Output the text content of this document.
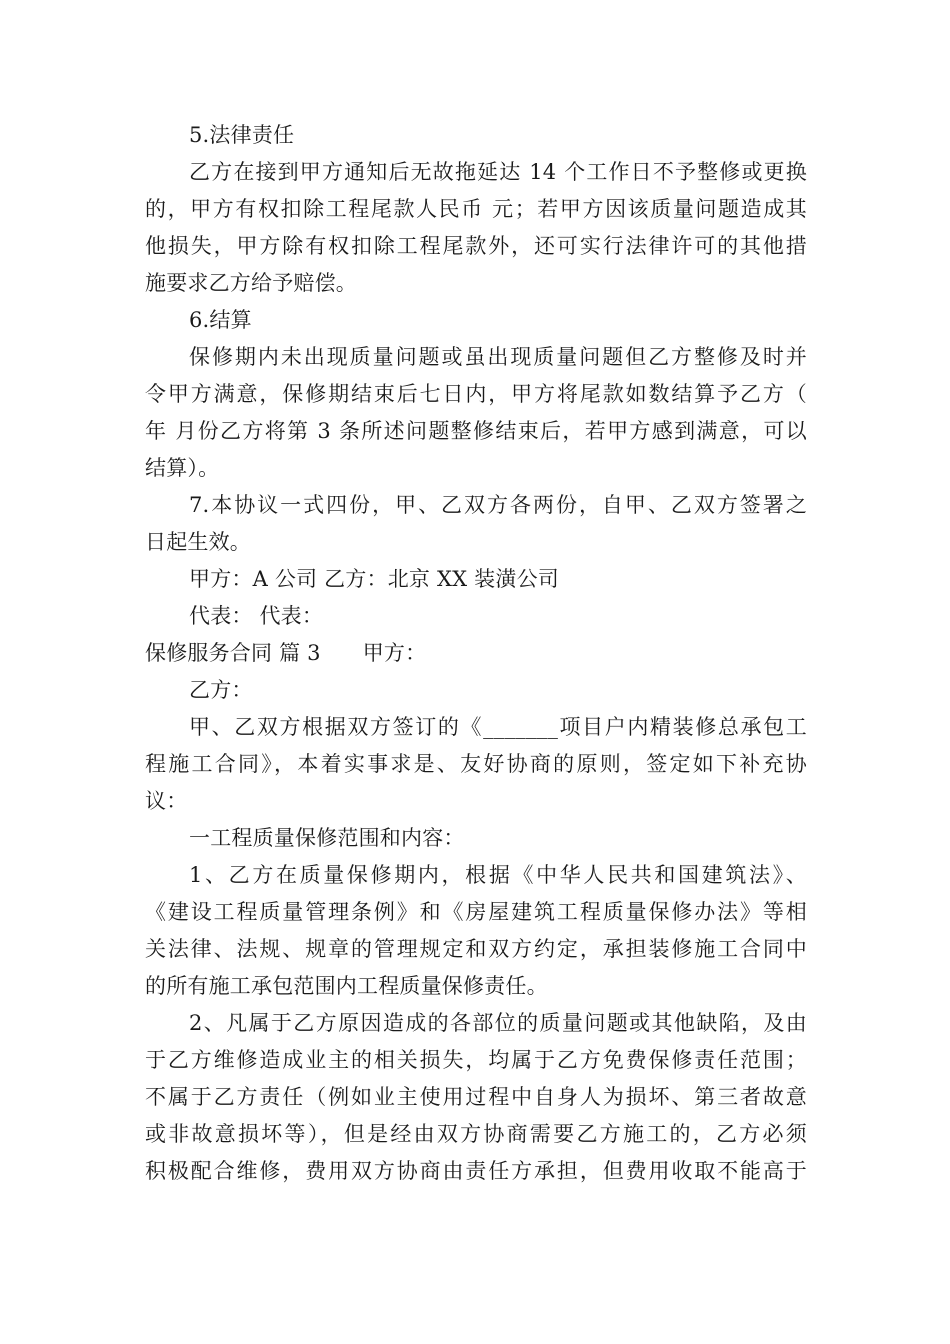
5.法律责任
乙方在接到甲方通知后无故拖延达 14 个工作日不予整修或更换
的，甲方有权扣除工程尾款人民币 元；若甲方因该质量问题造成其
他损失，甲方除有权扣除工程尾款外，还可实行法律许可的其他措
施要求乙方给予赔偿。
6.结算
保修期内未出现质量问题或虽出现质量问题但乙方整修及时并
令甲方满意，保修期结束后七日内，甲方将尾款如数结算予乙方（
年 月份乙方将第 3 条所述问题整修结束后，若甲方感到满意，可以
结算）。
7.本协议一式四份，甲、乙双方各两份，自甲、乙双方签署之
日起生效。
甲方：A 公司 乙方：北京 XX 装潢公司
代表： 代表：
保修服务合同 篇 3 甲方：
乙方：
甲、乙双方根据双方签订的《_______项目户内精装修总承包工
程施工合同》，本着实事求是、友好协商的原则，签定如下补充协
议：
一工程质量保修范围和内容：
1、乙方在质量保修期内，根据《中华人民共和国建筑法》、
《建设工程质量管理条例》和《房屋建筑工程质量保修办法》等相
关法律、法规、规章的管理规定和双方约定，承担装修施工合同中
的所有施工承包范围内工程质量保修责任。
2、凡属于乙方原因造成的各部位的质量问题或其他缺陷，及由
于乙方维修造成业主的相关损失，均属于乙方免费保修责任范围；
不属于乙方责任（例如业主使用过程中自身人为损坏、第三者故意
或非故意损坏等），但是经由双方协商需要乙方施工的，乙方必须
积极配合维修，费用双方协商由责任方承担，但费用收取不能高于
